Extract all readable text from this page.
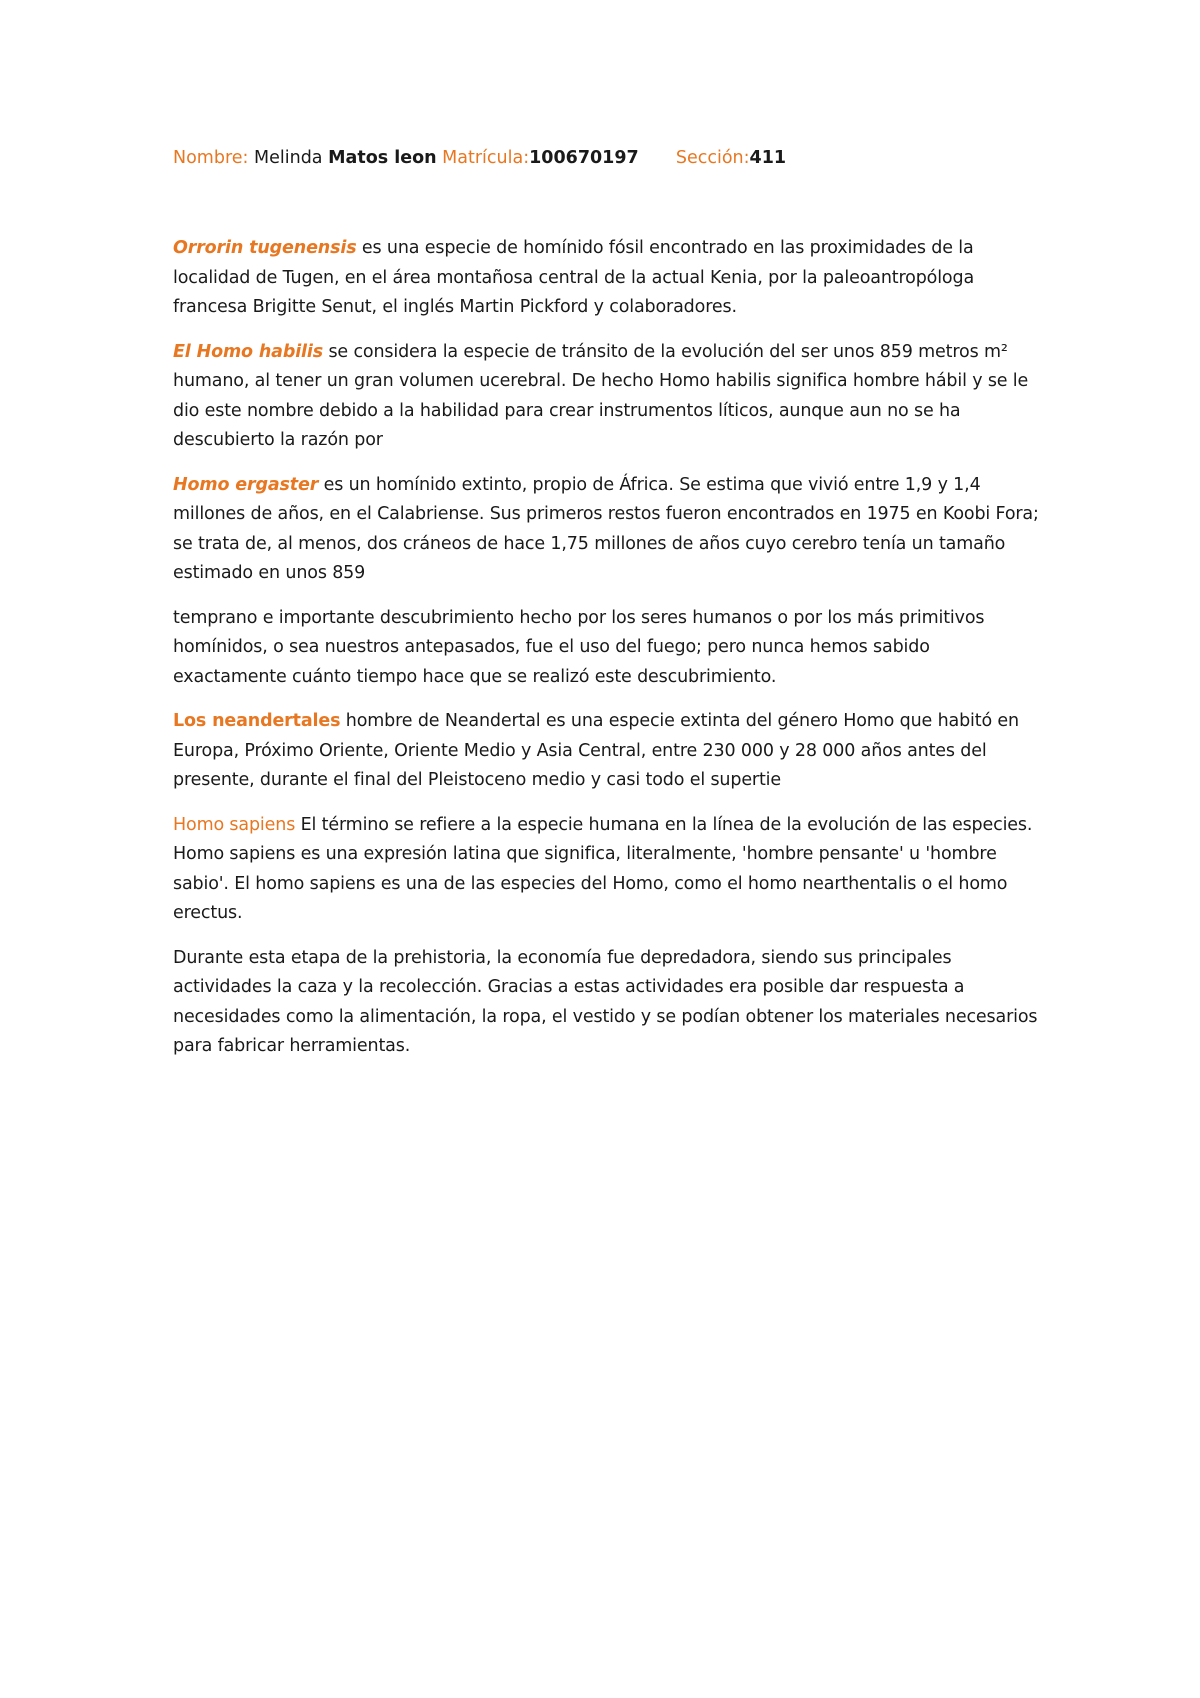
Nombre: Melinda Matos leon Matrícula:100670197 Sección:411

Orrorin tugenensis es una especie de homínido fósil encontrado en las proximidades de la localidad de Tugen, en el área montañosa central de la actual Kenia, por la paleoantropóloga francesa Brigitte Senut, el inglés Martin Pickford y colaboradores.

El Homo habilis se considera la especie de tránsito de la evolución del ser unos 859 metros m² humano, al tener un gran volumen ucerebral. De hecho Homo habilis significa hombre hábil y se le dio este nombre debido a la habilidad para crear instrumentos líticos, aunque aun no se ha descubierto la razón por

Homo ergaster es un homínido extinto, propio de África. Se estima que vivió entre 1,9 y 1,4 millones de años, en el Calabriense. Sus primeros restos fueron encontrados en 1975 en Koobi Fora; se trata de, al menos, dos cráneos de hace 1,75 millones de años cuyo cerebro tenía un tamaño estimado en unos 859

temprano e importante descubrimiento hecho por los seres humanos o por los más primitivos homínidos, o sea nuestros antepasados, fue el uso del fuego; pero nunca hemos sabido exactamente cuánto tiempo hace que se realizó este descubrimiento.

Los neandertales hombre de Neandertal es una especie extinta del género Homo que habitó en Europa, Próximo Oriente, Oriente Medio y Asia Central, entre 230 000 y 28 000 años antes del presente, durante el final del Pleistoceno medio y casi todo el supertie

Homo sapiens El término se refiere a la especie humana en la línea de la evolución de las especies. Homo sapiens es una expresión latina que significa, literalmente, 'hombre pensante' u 'hombre sabio'. El homo sapiens es una de las especies del Homo, como el homo nearthentalis o el homo erectus.

Durante esta etapa de la prehistoria, la economía fue depredadora, siendo sus principales actividades la caza y la recolección. Gracias a estas actividades era posible dar respuesta a necesidades como la alimentación, la ropa, el vestido y se podían obtener los materiales necesarios para fabricar herramientas.
